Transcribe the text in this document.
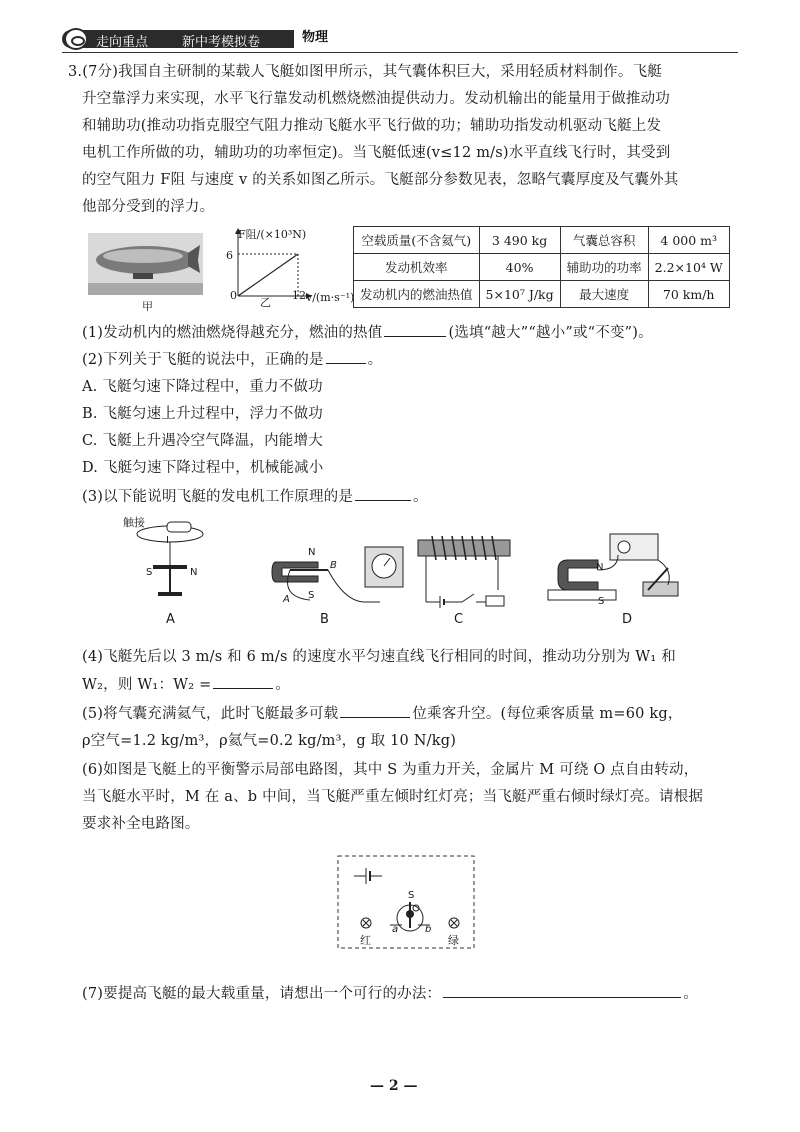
走向重点	新中考模拟卷	物理
3.(7分)我国自主研制的某载人飞艇如图甲所示，其气囊体积巨大，采用轻质材料制作。飞艇
升空靠浮力来实现，水平飞行靠发动机燃烧燃油提供动力。发动机输出的能量用于做推动功
和辅助功(推动功指克服空气阻力推动飞艇水平飞行做的功；辅助功指发动机驱动飞艇上发
电机工作所做的功，辅助功的功率恒定)。当飞艇低速(v≤12 m/s)水平直线飞行时，其受到
的空气阻力 F阻 与速度 v 的关系如图乙所示。飞艇部分参数见表，忽略气囊厚度及气囊外其
他部分受到的浮力。
甲
F阻/(×10³N)
6
0	12 v/(m·s⁻¹)
乙
空载质量(不含氦气)	3 490 kg	气囊总容积	4 000 m³
发动机效率	40%	辅助功的功率	2.2×10⁴ W
发动机内的燃油热值	5×10⁷ J/kg	最大速度	70 km/h
(1)发动机内的燃油燃烧得越充分，燃油的热值	(选填“越大”“越小”或“不变”)。
(2)下列关于飞艇的说法中，正确的是	。
A. 飞艇匀速下降过程中，重力不做功
B. 飞艇匀速上升过程中，浮力不做功
C. 飞艇上升遇冷空气降温，内能增大
D. 飞艇匀速下降过程中，机械能减小
(3)以下能说明飞艇的发电机工作原理的是	。
触接
I
S	N
A
N
B
A S
B	C
N
S
D
(4)飞艇先后以 3 m/s 和 6 m/s 的速度水平匀速直线飞行相同的时间，推动功分别为 W₁ 和
W₂，则 W₁：W₂ =	。
(5)将气囊充满氦气，此时飞艇最多可载	位乘客升空。(每位乘客质量 m=60 kg，
ρ空气=1.2 kg/m³，ρ氦气=0.2 kg/m³，g 取 10 N/kg)
(6)如图是飞艇上的平衡警示局部电路图，其中 S 为重力开关，金属片 M 可绕 O 点自由转动，
当飞艇水平时，M 在 a、b 中间，当飞艇严重左倾时红灯亮；当飞艇严重右倾时绿灯亮。请根据
要求补全电路图。
S
a	b
红	绿
(7)要提高飞艇的最大载重量，请想出一个可行的办法：	。
— 2 —
